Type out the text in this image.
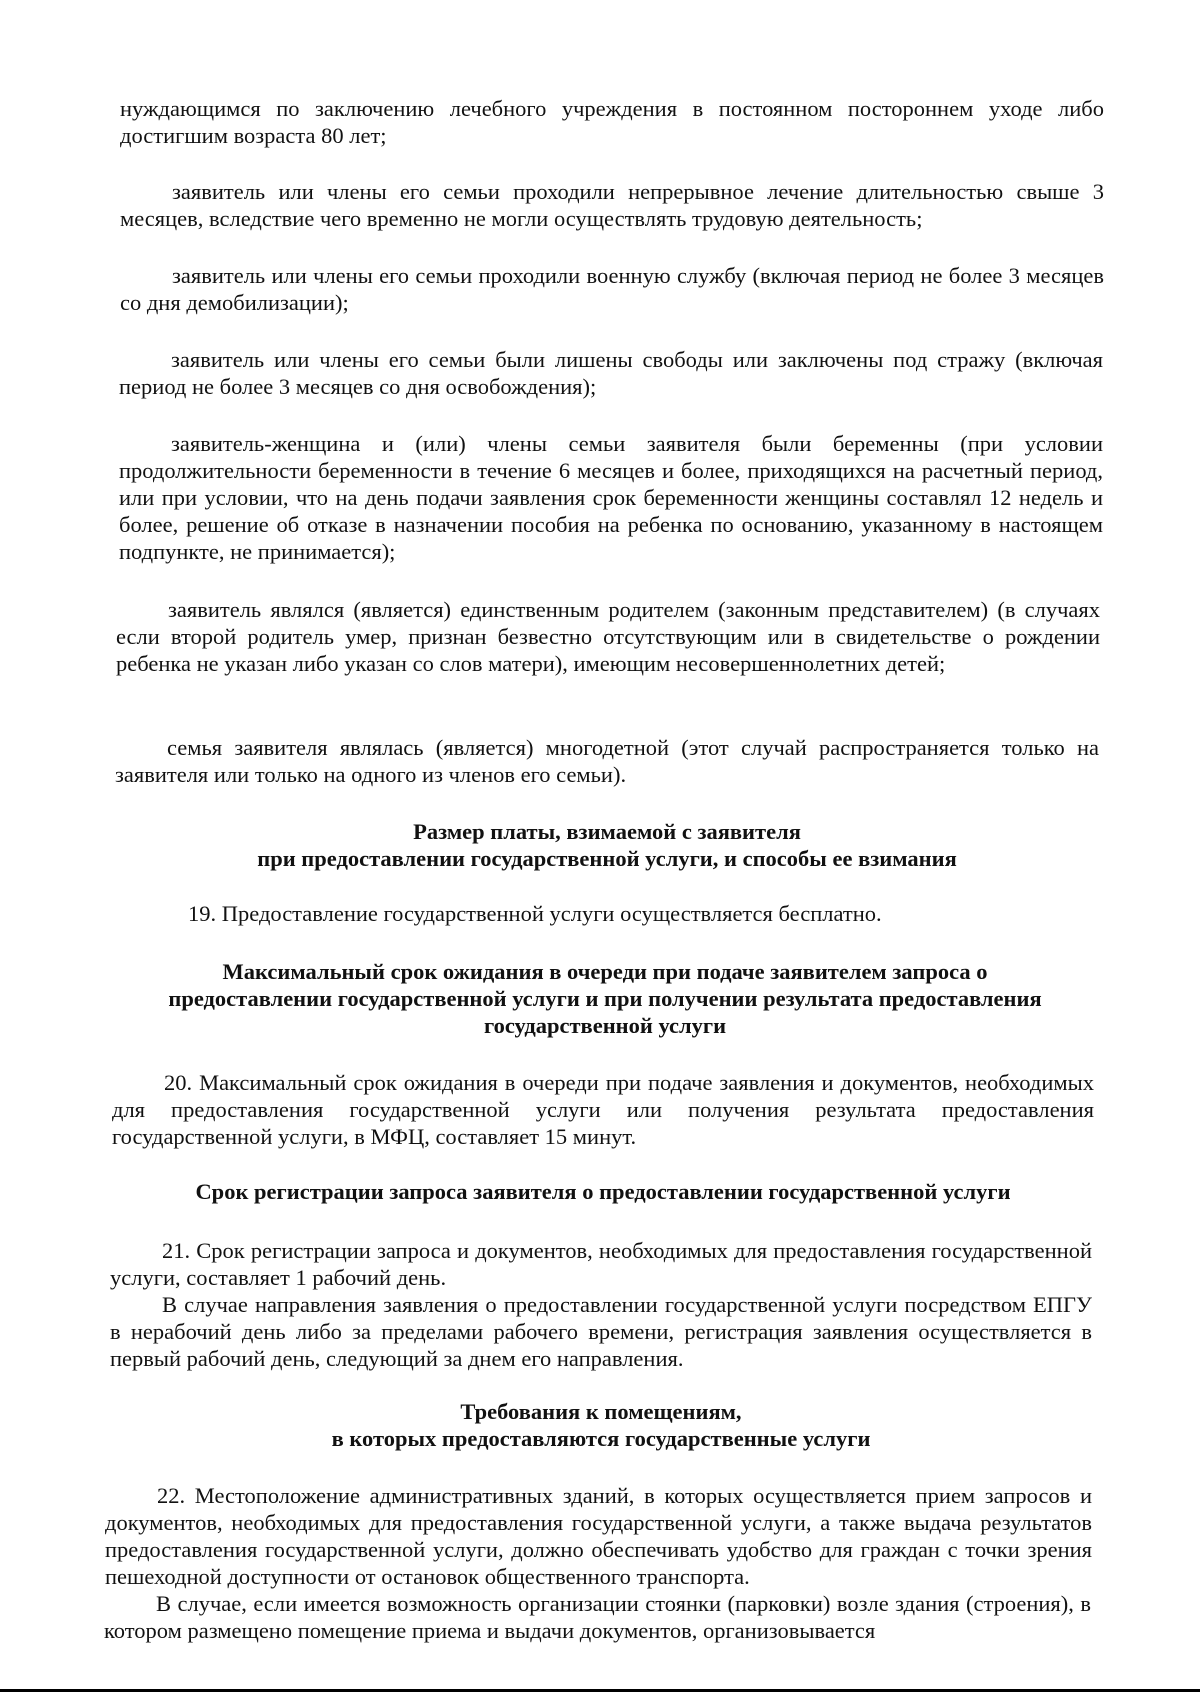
нуждающимся по заключению лечебного учреждения в постоянном постороннем уходе либо достигшим возраста 80 лет;

заявитель или члены его семьи проходили непрерывное лечение длительностью свыше 3 месяцев, вследствие чего временно не могли осуществлять трудовую деятельность;

заявитель или члены его семьи проходили военную службу (включая период не более 3 месяцев со дня демобилизации);

заявитель или члены его семьи были лишены свободы или заключены под стражу (включая период не более 3 месяцев со дня освобождения);

заявитель-женщина и (или) члены семьи заявителя были беременны (при условии продолжительности беременности в течение 6 месяцев и более, приходящихся на расчетный период, или при условии, что на день подачи заявления срок беременности женщины составлял 12 недель и более, решение об отказе в назначении пособия на ребенка по основанию, указанному в настоящем подпункте, не принимается);

заявитель являлся (является) единственным родителем (законным представителем) (в случаях если второй родитель умер, признан безвестно отсутствующим или в свидетельстве о рождении ребенка не указан либо указан со слов матери), имеющим несовершеннолетних детей;

семья заявителя являлась (является) многодетной (этот случай распространяется только на заявителя или только на одного из членов его семьи).

Размер платы, взимаемой с заявителя
при предоставлении государственной услуги, и способы ее взимания

19. Предоставление государственной услуги осуществляется бесплатно.

Максимальный срок ожидания в очереди при подаче заявителем запроса о
предоставлении государственной услуги и при получении результата предоставления
государственной услуги

20. Максимальный срок ожидания в очереди при подаче заявления и документов, необходимых для предоставления государственной услуги или получения результата предоставления государственной услуги, в МФЦ, составляет 15 минут.

Срок регистрации запроса заявителя о предоставлении государственной услуги

21. Срок регистрации запроса и документов, необходимых для предоставления государственной услуги, составляет 1 рабочий день.

В случае направления заявления о предоставлении государственной услуги посредством ЕПГУ в нерабочий день либо за пределами рабочего времени, регистрация заявления осуществляется в первый рабочий день, следующий за днем его направления.

Требования к помещениям,
в которых предоставляются государственные услуги

22. Местоположение административных зданий, в которых осуществляется прием запросов и документов, необходимых для предоставления государственной услуги, а также выдача результатов предоставления государственной услуги, должно обеспечивать удобство для граждан с точки зрения пешеходной доступности от остановок общественного транспорта.

В случае, если имеется возможность организации стоянки (парковки) возле здания (строения), в котором размещено помещение приема и выдачи документов, организовывается
